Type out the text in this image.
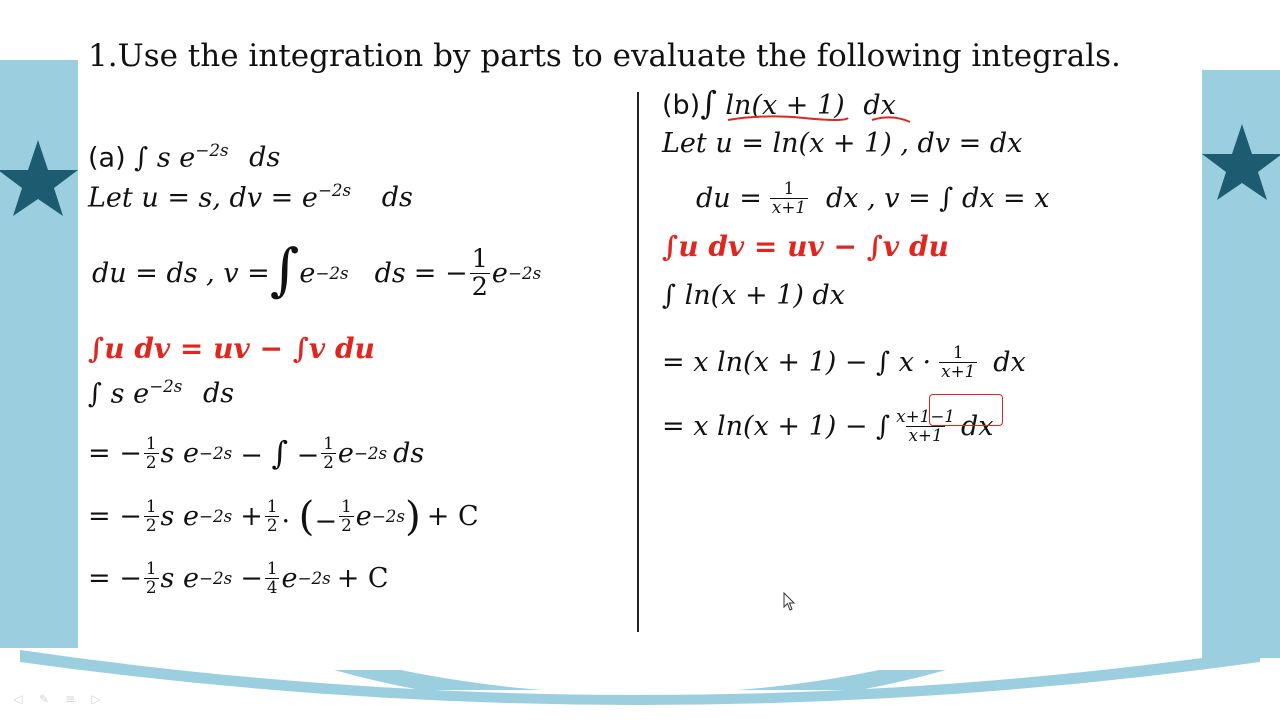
1.Use the integration by parts to evaluate the following integrals.
(a) ∫ s $e^{-2s}$ ds
Let u = s, dv = $e^{-2s}$ ds
du = ds , v = ∫ e −2s ds = − $\frac{1}{2}$ e −2s
∫u dv = uv − ∫v du
∫ s $e^{-2s}$ ds
= − $\frac{1}{2}$ s e −2s − ∫ − $\frac{1}{2}$ e −2s ds
= − $\frac{1}{2}$ s $e -2s + \frac{1}{2}$ · (− $\frac{1}{2}$ e −2s ) + C
= − $\frac{1}{2}$ s $e -2s - \frac{1}{4}$ e −2s + C
(b)∫ ln(x + 1) dx
Let u = ln(x + 1) , dv = dx
du = $\frac{1}{x+1}$ dx , v = ∫ dx = x
∫u dv = uv − ∫v du
∫ ln(x + 1) dx
= x ln(x + 1) − ∫ $x \cdot \frac{1}{x+1}$ dx
= x ln(x + 1) − ∫ $\frac{x+1-1}{x+1}$ dx
◁ ✎ ≡ ▷
